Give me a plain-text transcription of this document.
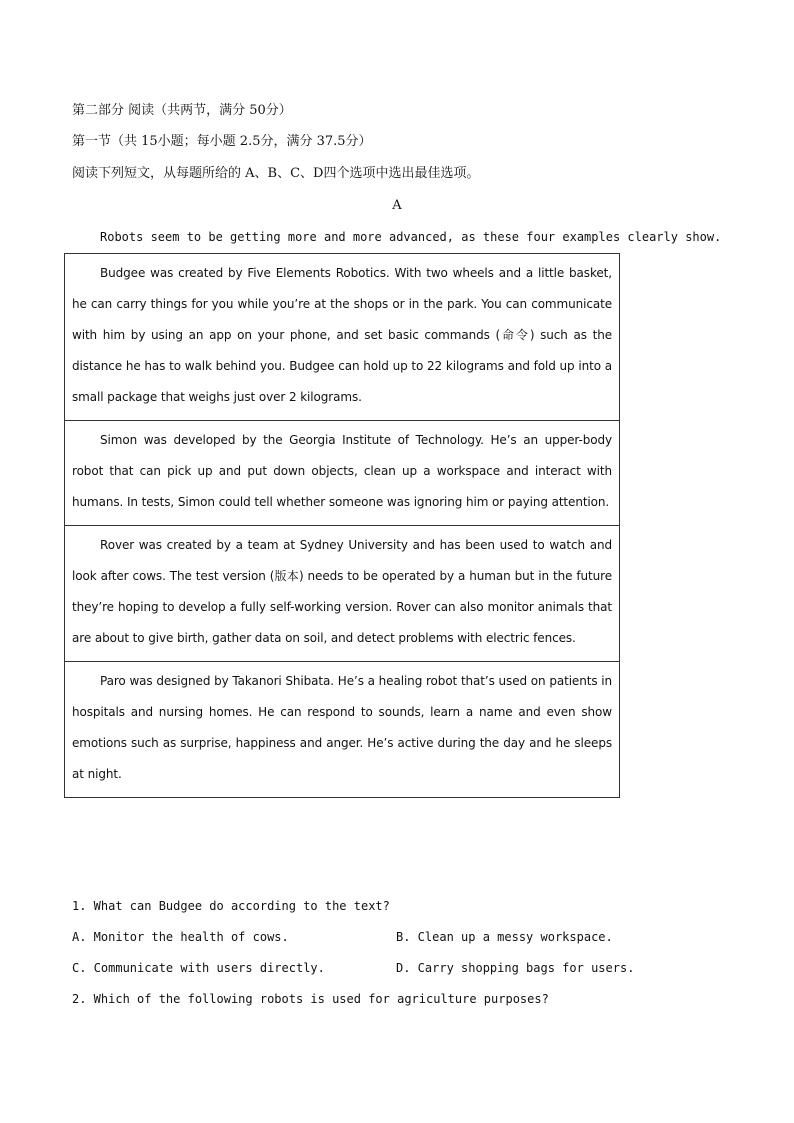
第二部分 阅读（共两节，满分 50分）
第一节（共 15小题；每小题 2.5分，满分 37.5分）
阅读下列短文，从每题所给的 A、B、C、D四个选项中选出最佳选项。
A
Robots seem to be getting more and more advanced, as these four examples clearly show.
Budgee was created by Five Elements Robotics. With two wheels and a little basket, he can carry things for you while you’re at the shops or in the park. You can communicate with him by using an app on your phone, and set basic commands (命令) such as the distance he has to walk behind you. Budgee can hold up to 22 kilograms and fold up into a small package that weighs just over 2 kilograms.
Simon was developed by the Georgia Institute of Technology. He’s an upper-body robot that can pick up and put down objects, clean up a workspace and interact with humans. In tests, Simon could tell whether someone was ignoring him or paying attention.
Rover was created by a team at Sydney University and has been used to watch and look after cows. The test version (版本) needs to be operated by a human but in the future they’re hoping to develop a fully self-working version. Rover can also monitor animals that are about to give birth, gather data on soil, and detect problems with electric fences.
Paro was designed by Takanori Shibata. He’s a healing robot that’s used on patients in hospitals and nursing homes. He can respond to sounds, learn a name and even show emotions such as surprise, happiness and anger. He’s active during the day and he sleeps at night.
1. What can Budgee do according to the text?
A. Monitor the health of cows.	B. Clean up a messy workspace.
C. Communicate with users directly.	D. Carry shopping bags for users.
2. Which of the following robots is used for agriculture purposes?
